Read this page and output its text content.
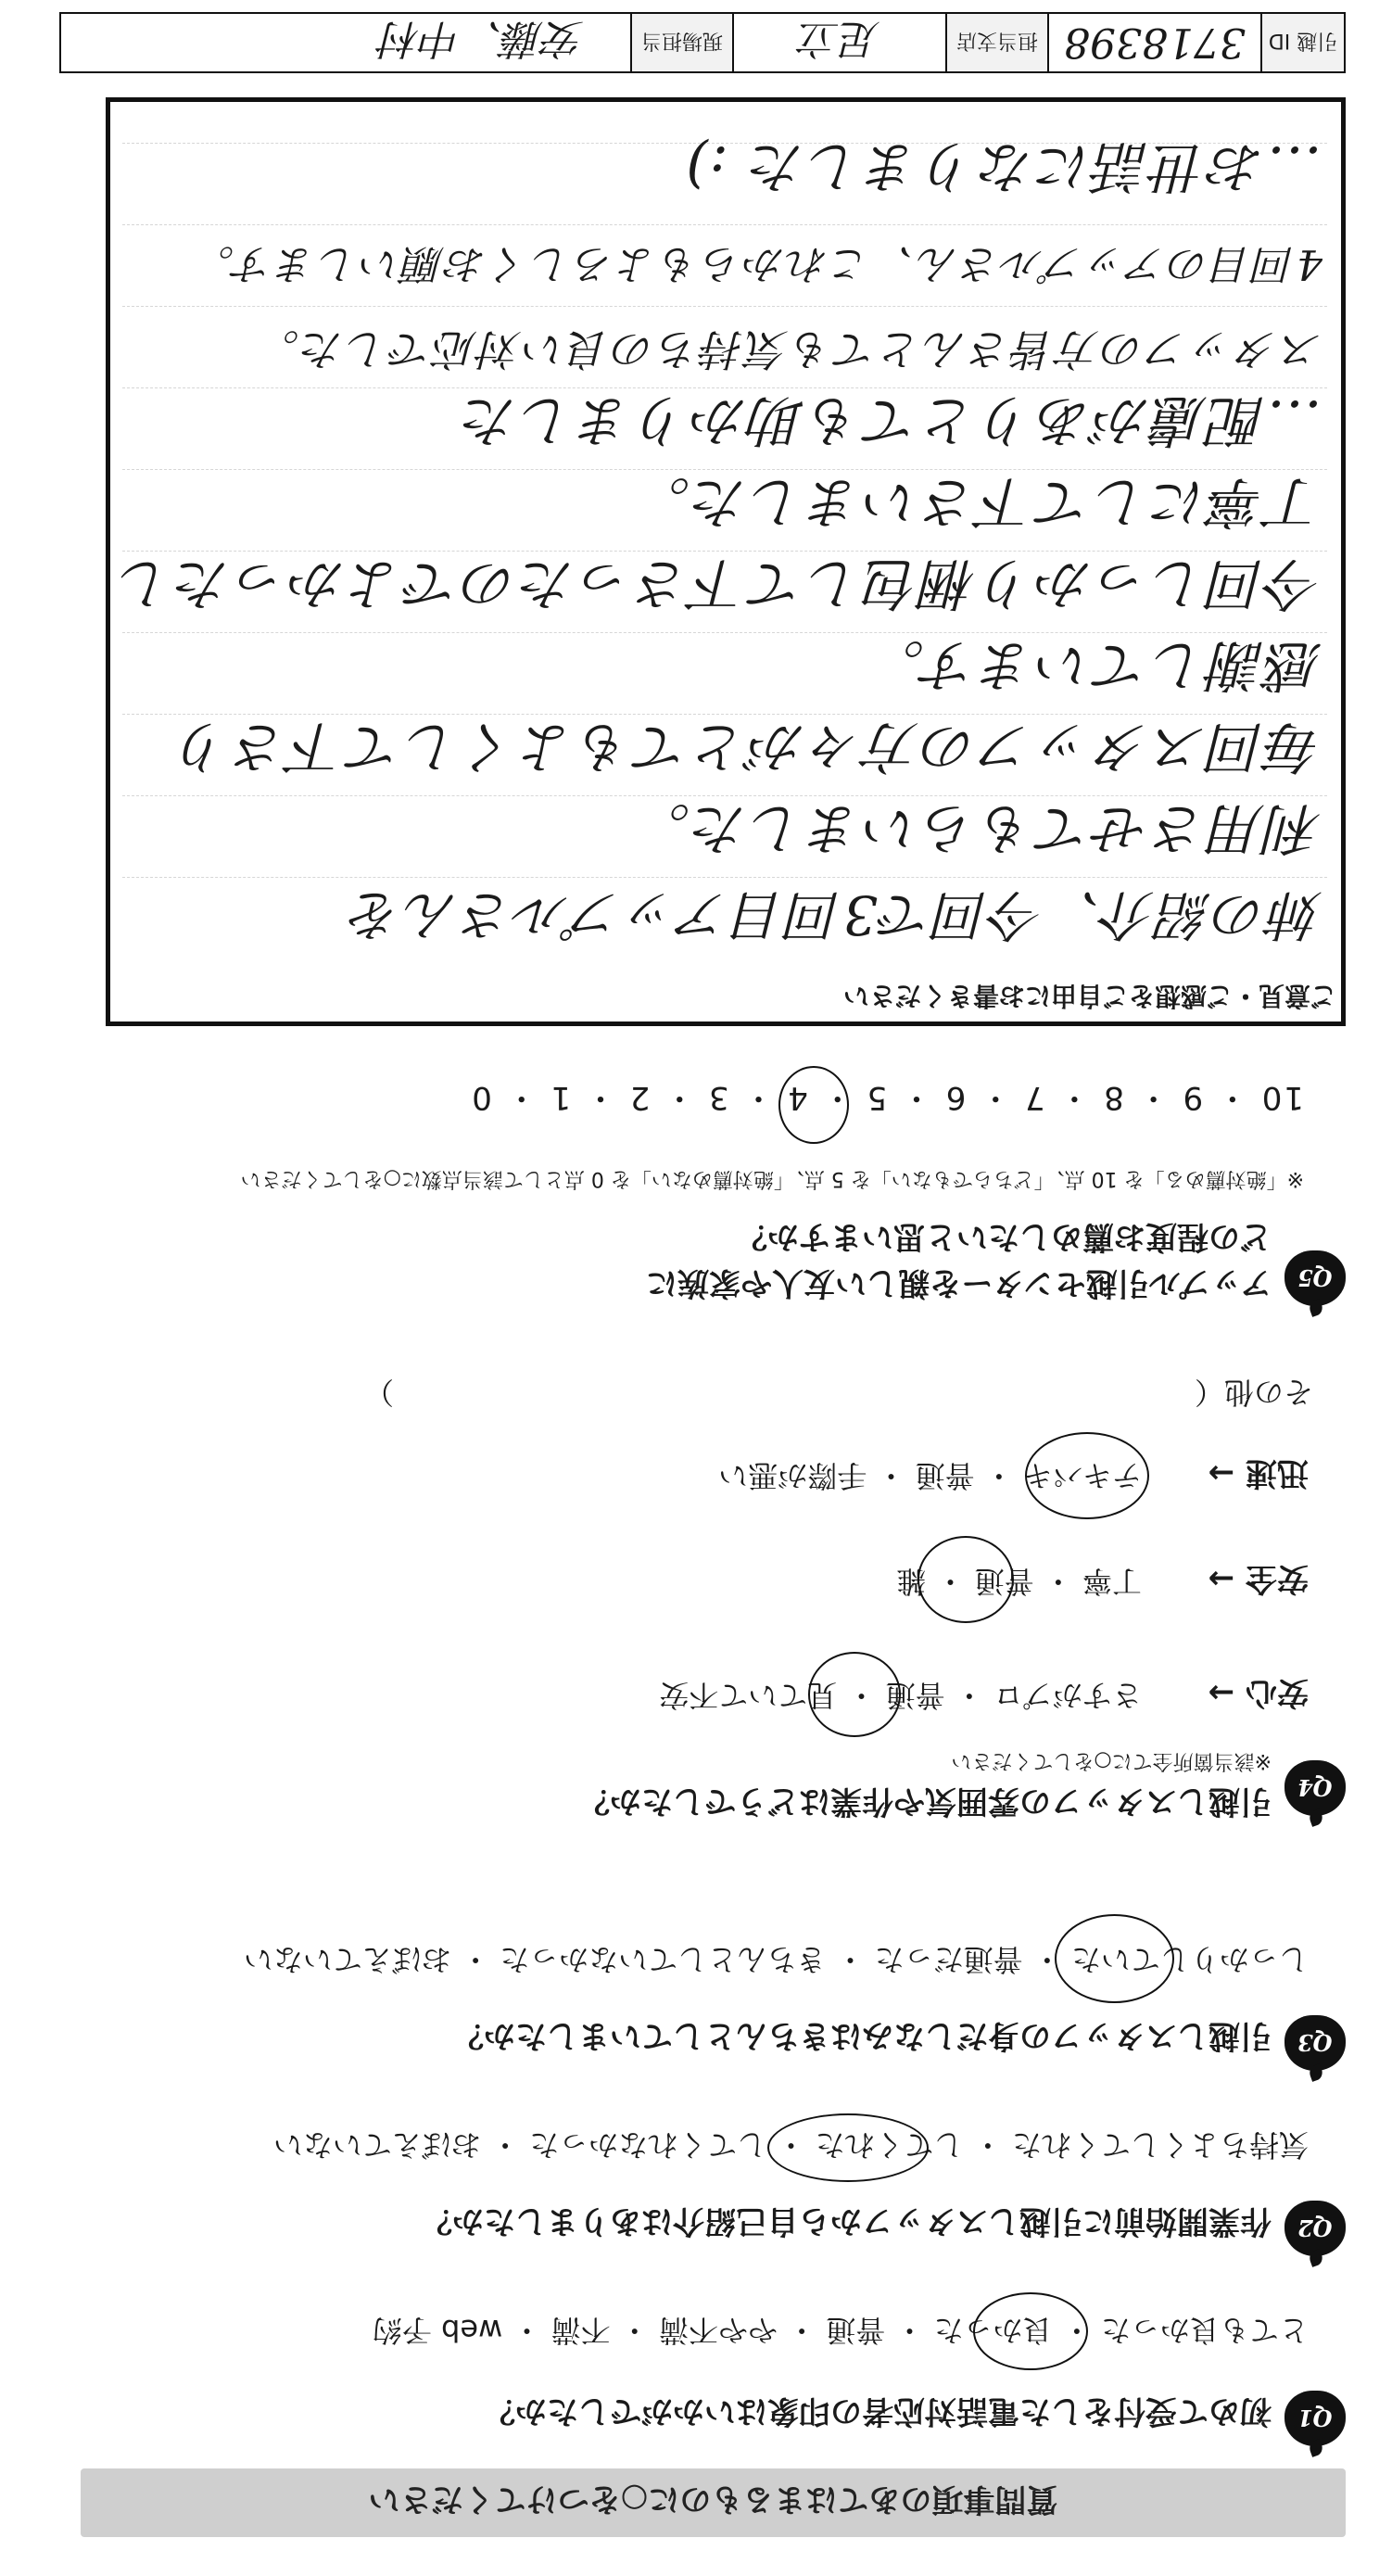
質問事項のあてはまるものに○をつけてください
Q1
初めて受付をした電話対応者の印象はいかがでしたか？
とても良かった ・ 良かった ・ 普通 ・ やや不満 ・ 不満 ・ web 予約
Q2
作業開始前に引越しスタッフから自己紹介はありましたか？
気持ちよくしてくれた ・ してくれた ・ してくれなかった ・ おぼえていない
Q3
引越しスタッフの身だしなみはきちんとしていましたか？
しっかりしていた ・ 普通だった ・ きちんとしていなかった ・ おぼえていない
Q4
引越しスタッフの雰囲気や作業はどうでしたか？
※該当箇所全てに○をしてください
安心 →
さすがプロ ・ 普通 ・ 見ていて不安
安全 →
丁寧 ・ 普通 ・ 雑
迅速 →
テキパキ ・ 普通 ・ 手際が悪い
その他（　　　　　　　　　　　　　　　　　　　　　　　　　　　）
Q5
アップル引越センターを親しい友人や家族に
どの程度お薦めしたいと思いますか？
※「絶対薦める」を 10 点、「どちらでもない」を 5 点、「絶対薦めない」を 0 点として該当点数に○をしてください
10 ・ 9 ・ 8 ・ 7 ・ 6 ・ 5 ・ 4 ・ 3 ・ 2 ・ 1 ・ 0
ご意見・ご感想をご自由にお書きください
姉の紹介、今回で3回目アップルさんを
利用させてもらいました。
毎回スタッフの方々がとてもよくして下さり
感謝しています。
今回しっかり梱包して下さったのでよかったし
丁寧にして下さいました。
…配慮がありとても助かりました
スタッフの方皆さんとても気持ちの良い対応でした。
4回目のアップルさん、これからもよろしくお願いします。
…お世話になりました :)
引越 ID
3718398
担当支店
足立
現場担当
安藤、中村
